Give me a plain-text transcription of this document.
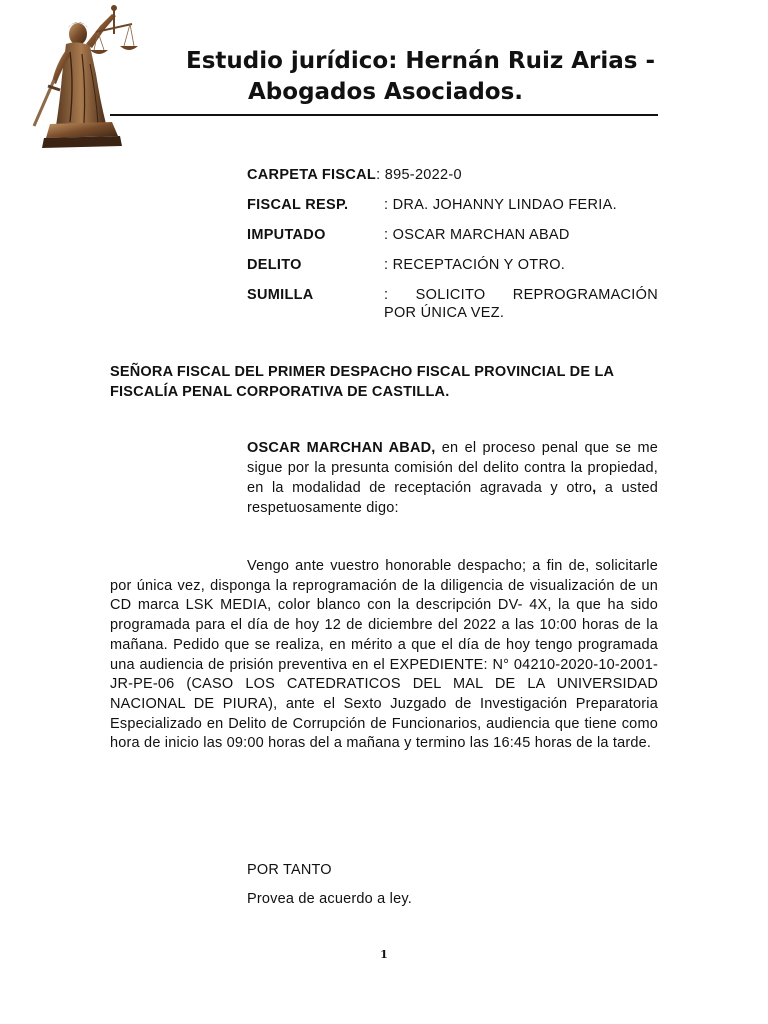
Estudio jurídico: Hernán Ruiz Arias -
Abogados Asociados.
CARPETA FISCAL: 895-2022-0
FISCAL RESP. : DRA. JOHANNY LINDAO FERIA.
IMPUTADO	: OSCAR MARCHAN ABAD
DELITO	: RECEPTACIÓN Y OTRO.
SUMILLA	: SOLICITO REPROGRAMACIÓN
POR ÚNICA VEZ.
SEÑORA FISCAL DEL PRIMER DESPACHO FISCAL PROVINCIAL DE LA FISCALÍA PENAL CORPORATIVA DE CASTILLA.
OSCAR MARCHAN ABAD, en el proceso penal que se me sigue por la presunta comisión del delito contra la propiedad, en la modalidad de receptación agravada y otro, a usted respetuosamente digo:
Vengo ante vuestro honorable despacho; a fin de, solicitarle por única vez, disponga la reprogramación de la diligencia de visualización de un CD marca LSK MEDIA, color blanco con la descripción DV- 4X, la que ha sido programada para el día de hoy 12 de diciembre del 2022 a las 10:00 horas de la mañana. Pedido que se realiza, en mérito a que el día de hoy tengo programada una audiencia de prisión preventiva en el EXPEDIENTE: N° 04210-2020-10-2001-JR-PE-06 (CASO LOS CATEDRATICOS DEL MAL DE LA UNIVERSIDAD NACIONAL DE PIURA), ante el Sexto Juzgado de Investigación Preparatoria Especializado en Delito de Corrupción de Funcionarios, audiencia que tiene como hora de inicio las 09:00 horas del a mañana y termino las 16:45 horas de la tarde.
POR TANTO
Provea de acuerdo a ley.
1
